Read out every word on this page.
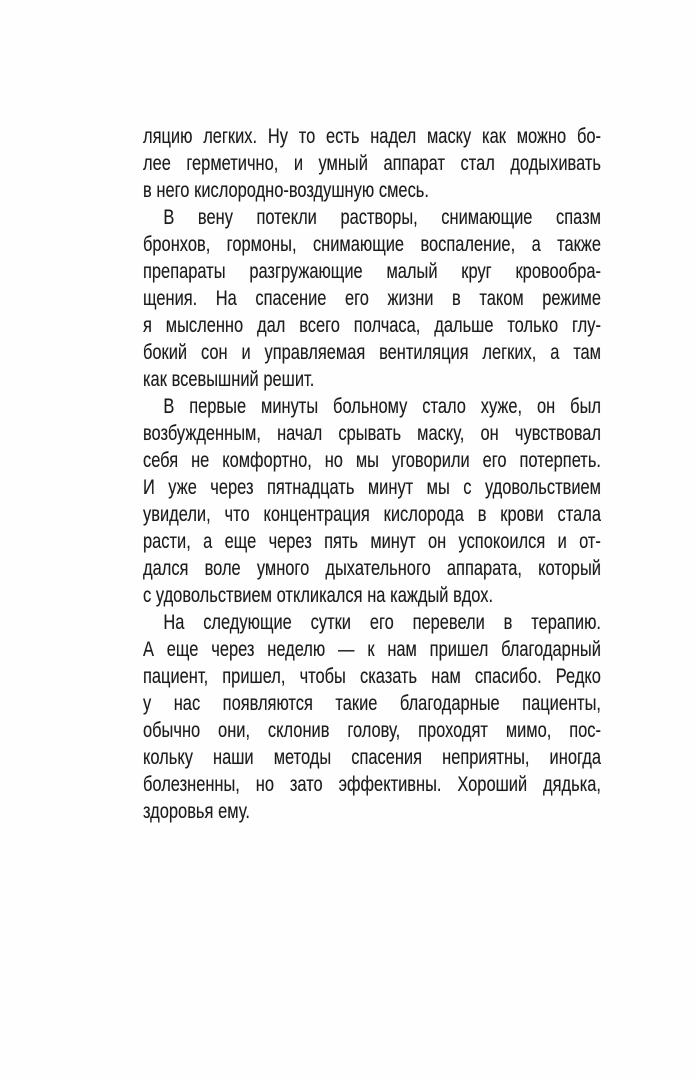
ляцию легких. Ну то есть надел маску как можно бо-
лее герметично, и умный аппарат стал додыхивать
в него кислородно-воздушную смесь.
В вену потекли растворы, снимающие спазм
бронхов, гормоны, снимающие воспаление, а также
препараты разгружающие малый круг кровообра-
щения. На спасение его жизни в таком режиме
я мысленно дал всего полчаса, дальше только глу-
бокий сон и управляемая вентиляция легких, а там
как всевышний решит.
В первые минуты больному стало хуже, он был
возбужденным, начал срывать маску, он чувствовал
себя не комфортно, но мы уговорили его потерпеть.
И уже через пятнадцать минут мы с удовольствием
увидели, что концентрация кислорода в крови стала
расти, а еще через пять минут он успокоился и от-
дался воле умного дыхательного аппарата, который
с удовольствием откликался на каждый вдох.
На следующие сутки его перевели в терапию.
А еще через неделю — к нам пришел благодарный
пациент, пришел, чтобы сказать нам спасибо. Редко
у нас появляются такие благодарные пациенты,
обычно они, склонив голову, проходят мимо, пос-
кольку наши методы спасения неприятны, иногда
болезненны, но зато эффективны. Хороший дядька,
здоровья ему.
